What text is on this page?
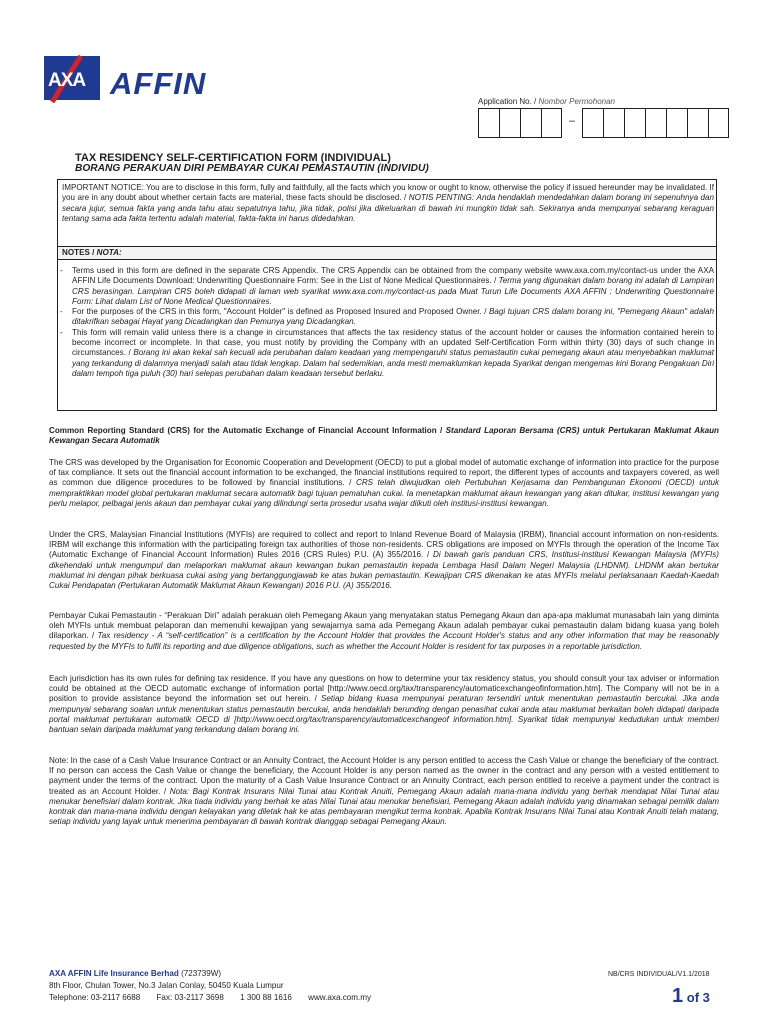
AXA AFFIN
Application No. / Nombor Permohonan
–
TAX RESIDENCY SELF-CERTIFICATION FORM (INDIVIDUAL)
BORANG PERAKUAN DIRI PEMBAYAR CUKAI PEMASTAUTIN (INDIVIDU)
IMPORTANT NOTICE: You are to disclose in this form, fully and faithfully, all the facts which you know or ought to know, otherwise the policy if issued hereunder may be invalidated. If you are in any doubt about whether certain facts are material, these facts should be disclosed. / NOTIS PENTING: Anda hendaklah mendedahkan dalam borang ini sepenuhnya dan secara jujur, semua fakta yang anda tahu atau sepatutnya tahu, jika tidak, polisi jika dikeluarkan di bawah ini mungkin tidak sah. Sekiranya anda mempunyai sebarang keraguan tentang sama ada fakta tertentu adalah material, fakta-fakta ini harus didedahkan.
NOTES / NOTA:
- Terms used in this form are defined in the separate CRS Appendix. The CRS Appendix can be obtained from the company website www.axa.com.my/contact-us under the AXA AFFIN Life Documents Download: Underwriting Questionnaire Form: See in the List of None Medical Questionnaires. / Terma yang digunakan dalam borang ini adalah di Lampiran CRS berasingan. Lampiran CRS boleh didapati di laman web syarikat www.axa.com.my/contact-us pada Muat Turun Life Documents AXA AFFIN : Underwriting Questionnaire Form: Lihat dalam List of None Medical Questionnaires.
- For the purposes of the CRS in this form, "Account Holder" is defined as Proposed Insured and Proposed Owner. / Bagi tujuan CRS dalam borang ini, "Pemegang Akaun" adalah ditakrifkan sebagai Hayat yang Dicadangkan dan Pemunya yang Dicadangkan.
- This form will remain valid unless there is a change in circumstances that affects the tax residency status of the account holder or causes the information contained herein to become incorrect or incomplete. In that case, you must notify by providing the Company with an updated Self-Certification Form within thirty (30) days of such change in circumstances. / Borang ini akan kekal sah kecuali ada perubahan dalam keadaan yang mempengaruhi status pemastautin cukai pemegang akaun atau menyebabkan maklumat yang terkandung di dalamnya menjadi salah atau tidak lengkap. Dalam hal sedemikian, anda mesti memaklumkan kepada Syarikat dengan mengemas kini Borang Pengakuan Diri dalam tempoh tiga puluh (30) hari selepas perubahan dalam keadaan tersebut berlaku.
Common Reporting Standard (CRS) for the Automatic Exchange of Financial Account Information / Standard Laporan Bersama (CRS) untuk Pertukaran Maklumat Akaun Kewangan Secara Automatik
The CRS was developed by the Organisation for Economic Cooperation and Development (OECD) to put a global model of automatic exchange of information into practice for the purpose of tax compliance. It sets out the financial account information to be exchanged, the financial institutions required to report, the different types of accounts and taxpayers covered, as well as common due diligence procedures to be followed by financial institutions. / CRS telah diwujudkan oleh Pertubuhan Kerjasama dan Pembangunan Ekonomi (OECD) untuk mempraktikkan model global pertukaran maklumat secara automatik bagi tujuan pematuhan cukai. Ia menetapkan maklumat akaun kewangan yang akan ditukar, institusi kewangan yang perlu melapor, pelbagai jenis akaun dan pembayar cukai yang dilindungi serta prosedur usaha wajar diikuti oleh institusi-institusi kewangan.
Under the CRS, Malaysian Financial Institutions (MYFIs) are required to collect and report to Inland Revenue Board of Malaysia (IRBM), financial account information on non-residents. IRBM will exchange this information with the participating foreign tax authorities of those non-residents. CRS obligations are imposed on MYFIs through the operation of the Income Tax (Automatic Exchange of Financial Account Information) Rules 2016 (CRS Rules) P.U. (A) 355/2016. / Di bawah garis panduan CRS, Institusi-institusi Kewangan Malaysia (MYFIs) dikehendaki untuk mengumpul dan melaporkan maklumat akaun kewangan bukan pemastautin kepada Lembaga Hasil Dalam Negeri Malaysia (LHDNM). LHDNM akan bertukar maklumat ini dengan pihak berkuasa cukai asing yang bertanggungjawab ke atas bukan pemastautin. Kewajipan CRS dikenakan ke atas MYFIs melalui perlaksanaan Kaedah-Kaedah Cukai Pendapatan (Pertukaran Automatik Maklumat Akaun Kewangan) 2016 P.U. (A) 355/2016.
Pembayar Cukai Pemastautin - “Perakuan Diri” adalah perakuan oleh Pemegang Akaun yang menyatakan status Pemegang Akaun dan apa-apa maklumat munasabah lain yang diminta oleh MYFIs untuk membuat pelaporan dan memenuhi kewajipan yang sewajarnya sama ada Pemegang Akaun adalah pembayar cukai pemastautin dalam bidang kuasa yang boleh dilaporkan. / Tax residency - A “self-certification” is a certification by the Account Holder that provides the Account Holder's status and any other information that may be reasonably requested by the MYFIs to fulfil its reporting and due diligence obligations, such as whether the Account Holder is resident for tax purposes in a reportable jurisdiction.
Each jurisdiction has its own rules for defining tax residence. If you have any questions on how to determine your tax residency status, you should consult your tax adviser or information could be obtained at the OECD automatic exchange of information portal [http://www.oecd.org/tax/transparency/automaticexchangeofinformation.htm]. The Company will not be in a position to provide assistance beyond the information set out herein. / Setiap bidang kuasa mempunyai peraturan tersendiri untuk menentukan pemastautin bercukai. Jika anda mempunyai sebarang soalan untuk menentukan status pemastautin bercukai, anda hendaklah berunding dengan penasihat cukai anda atau maklumat berkaitan boleh didapati daripada portal maklumat pertukaran automatik OECD di [http://www.oecd.org/tax/transparency/automaticexchangeof information.htm]. Syarikat tidak mempunyai kedudukan untuk memberi bantuan selain daripada maklumat yang terkandung dalam borang ini.
Note: In the case of a Cash Value Insurance Contract or an Annuity Contract, the Account Holder is any person entitled to access the Cash Value or change the beneficiary of the contract. If no person can access the Cash Value or change the beneficiary, the Account Holder is any person named as the owner in the contract and any person with a vested entitlement to payment under the terms of the contract. Upon the maturity of a Cash Value Insurance Contract or an Annuity Contract, each person entitled to receive a payment under the contract is treated as an Account Holder. / Nota: Bagi Kontrak Insurans Nilai Tunai atau Kontrak Anuiti, Pemegang Akaun adalah mana-mana individu yang berhak mendapat Nilai Tunai atau menukar benefisiari dalam kontrak. Jika tiada individu yang berhak ke atas Nilai Tunai atau menukar benefisiari, Pemegang Akaun adalah individu yang dinamakan sebagai pemilik dalam kontrak dan mana-mana individu dengan kelayakan yang diletak hak ke atas pembayaran mengikut terma kontrak. Apabila Kontrak Insurans Nilai Tunai atau Kontrak Anuiti telah matang, setiap individu yang layak untuk menerima pembayaran di bawah kontrak dianggap sebagai Pemegang Akaun.
AXA AFFIN Life Insurance Berhad (723739W)
8th Floor, Chulan Tower, No.3 Jalan Conlay, 50450 Kuala Lumpur
Telephone: 03-2117 6688 Fax: 03-2117 3698 1 300 88 1616 www.axa.com.my
NB/CRS INDIVIDUAL/V1.1/2018
1 of 3
